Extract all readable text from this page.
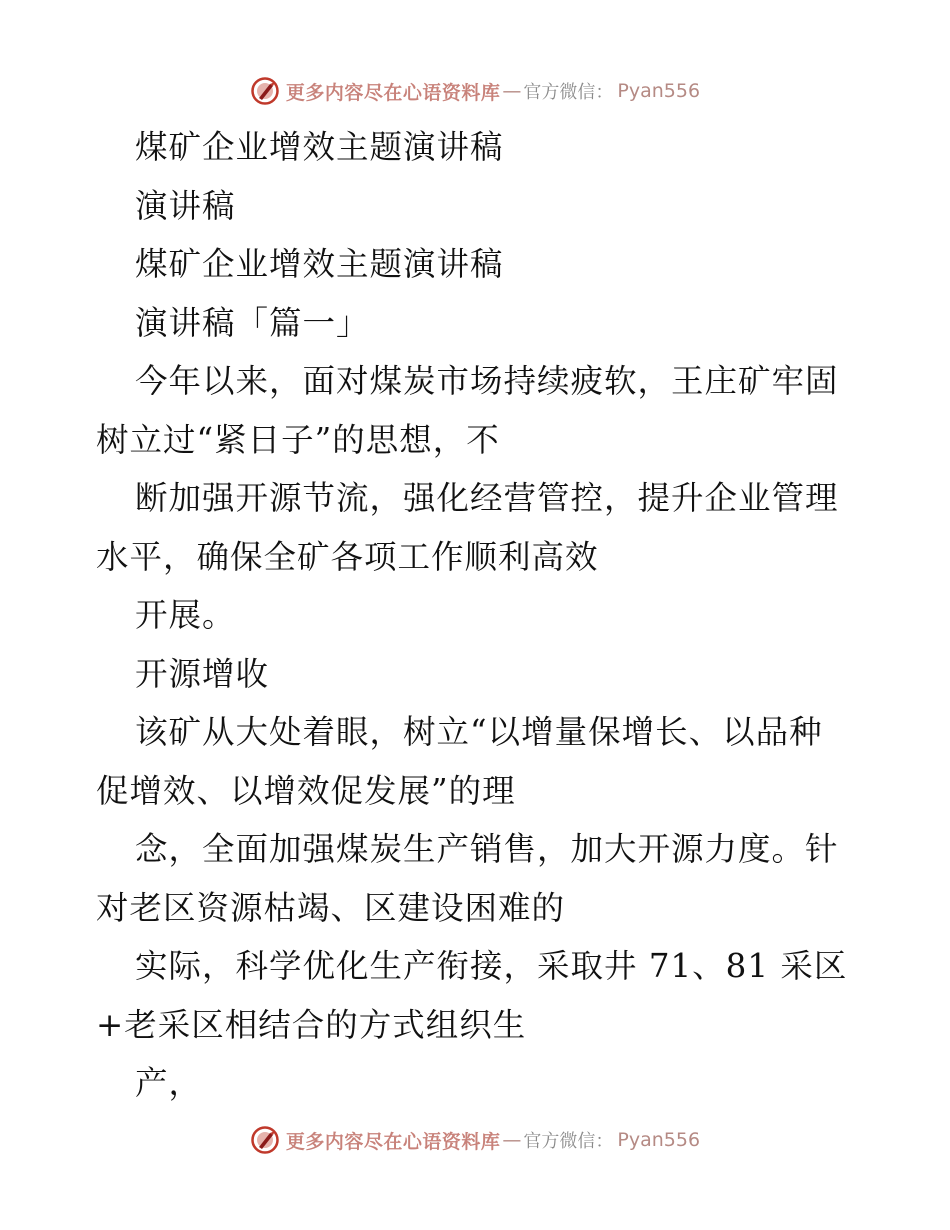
更多内容尽在心语资料库 — 官方微信： Pyan556
煤矿企业增效主题演讲稿
演讲稿
煤矿企业增效主题演讲稿
演讲稿「篇一」
今年以来，面对煤炭市场持续疲软，王庄矿牢固
树立过“紧日子”的思想，不
断加强开源节流，强化经营管控，提升企业管理
水平，确保全矿各项工作顺利高效
开展。
开源增收
该矿从大处着眼，树立“以增量保增长、以品种
促增效、以增效促发展”的理
念，全面加强煤炭生产销售，加大开源力度。针
对老区资源枯竭、区建设困难的
实际，科学优化生产衔接，采取井 71、81 采区
+老采区相结合的方式组织生
产，
更多内容尽在心语资料库 — 官方微信： Pyan556
